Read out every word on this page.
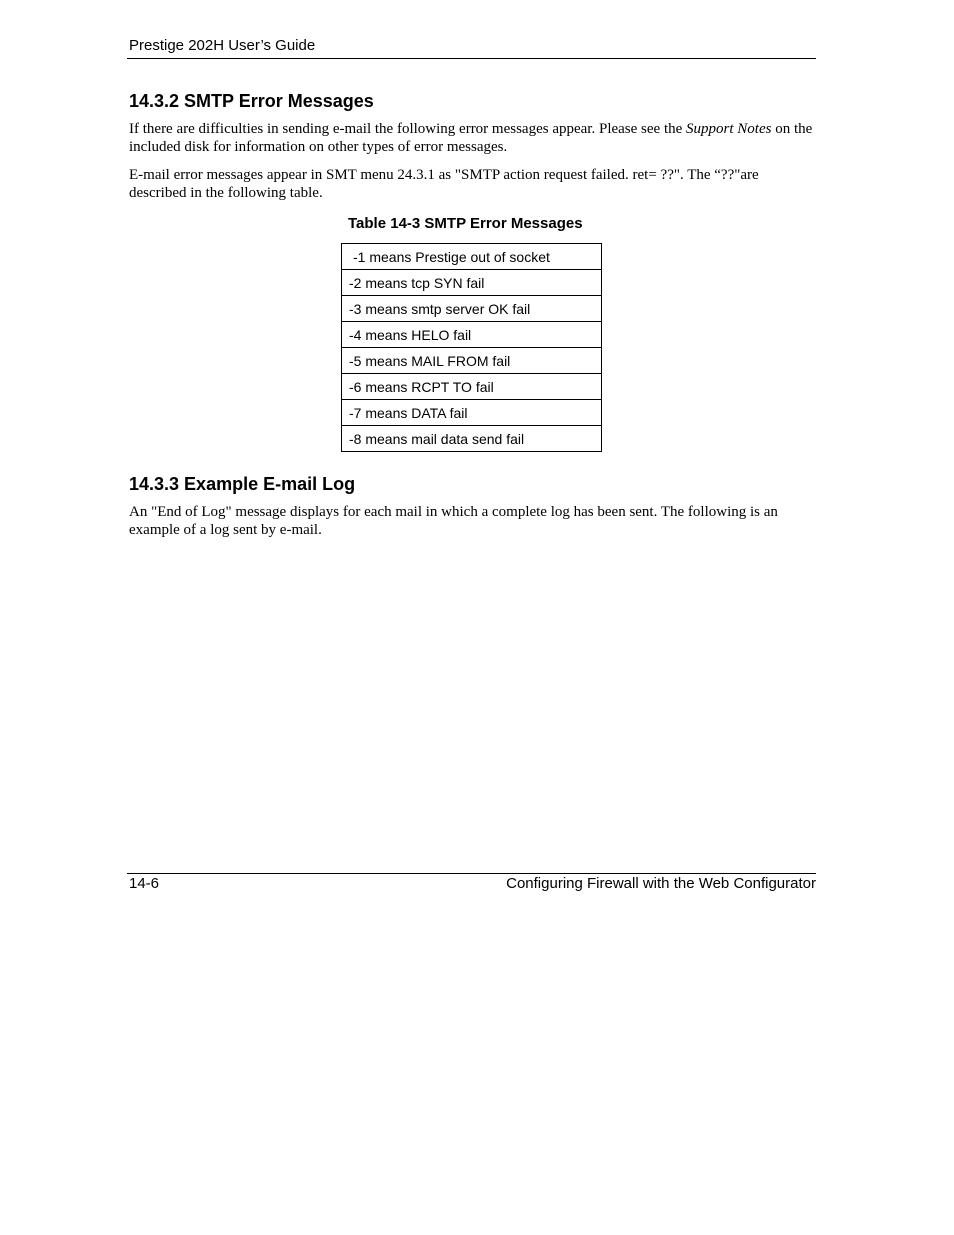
Prestige 202H User’s Guide
14.3.2 SMTP Error Messages

If there are difficulties in sending e-mail the following error messages appear. Please see the Support Notes on the included disk for information on other types of error messages.

E-mail error messages appear in SMT menu 24.3.1 as "SMTP action request failed. ret= ??". The “??"are described in the following table.

Table 14-3 SMTP Error Messages
-1 means Prestige out of socket
-2 means tcp SYN fail
-3 means smtp server OK fail
-4 means HELO fail
-5 means MAIL FROM fail
-6 means RCPT TO fail
-7 means DATA fail
-8 means mail data send fail
14.3.3 Example E-mail Log

An "End of Log" message displays for each mail in which a complete log has been sent. The following is an example of a log sent by e-mail.

14-6	Configuring Firewall with the Web Configurator
